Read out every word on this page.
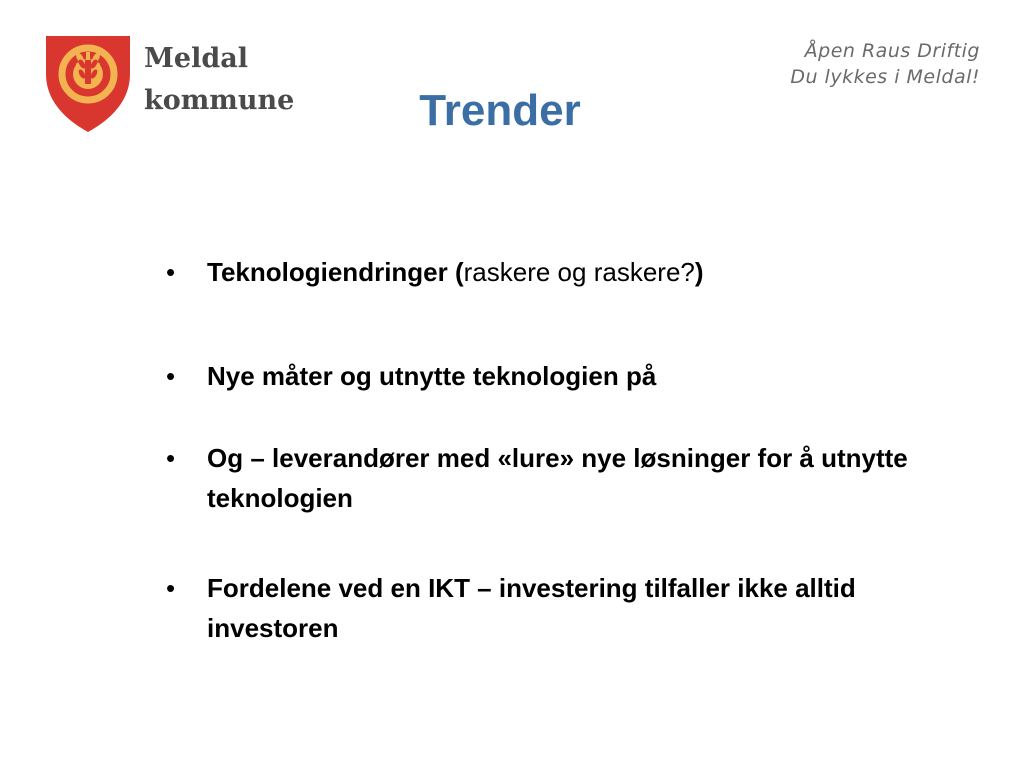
Meldal
kommune
Åpen Raus Driftig
Du lykkes i Meldal!
Trender
• Teknologiendringer (raskere og raskere?)
• Nye måter og utnytte teknologien på
• Og – leverandører med «lure» nye løsninger for å utnytte teknologien
• Fordelene ved en IKT – investering tilfaller ikke alltid investoren
